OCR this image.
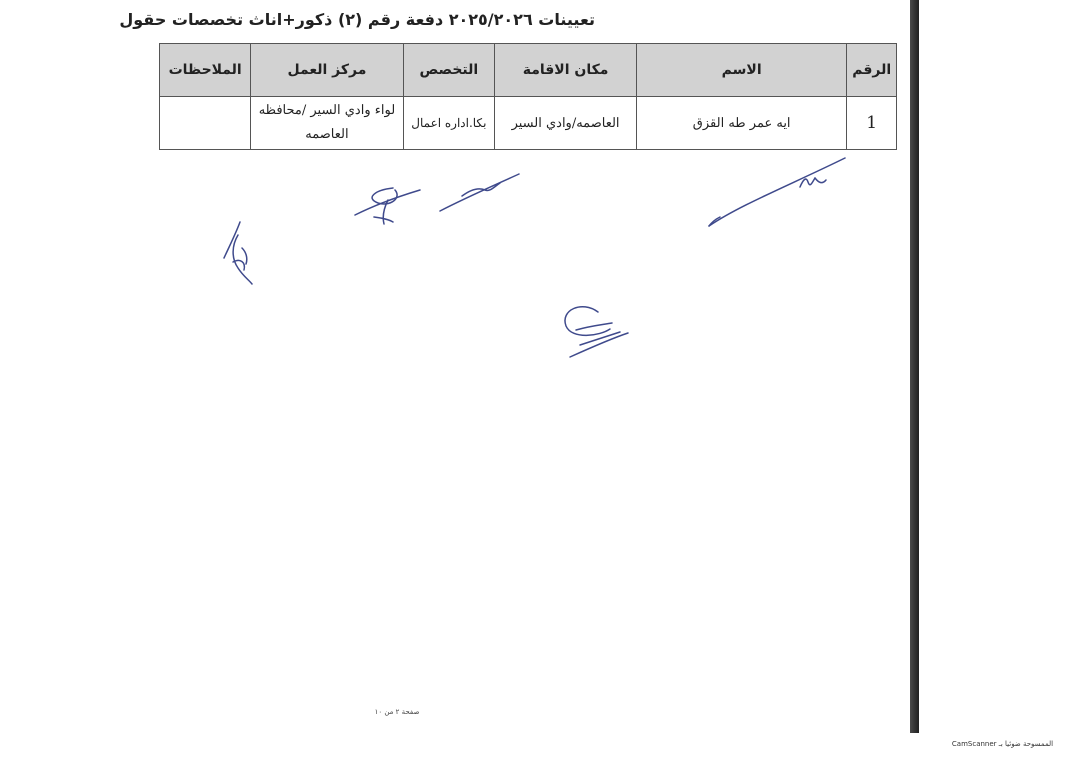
تعيينات ٢٠٢٥/٢٠٢٦ دفعة رقم (٢) ذكور+اناث تخصصات حقول
الرقم	الاسم	مكان الاقامة	التخصص	مركز العمل	الملاحظات
1	ايه عمر طه القزق	العاصمه/وادي السير	بكا.اداره اعمال	لواء وادي السير /محافظه العاصمه	
صفحة ٢ من ١٠
الممسوحة ضوئيا بـ CamScanner
